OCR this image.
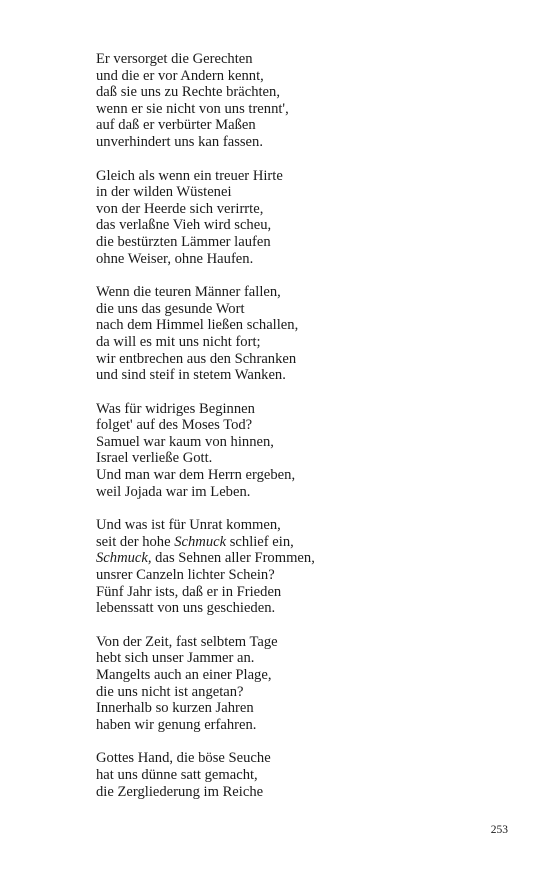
Er versorget die Gerechten
und die er vor Andern kennt,
daß sie uns zu Rechte brächten,
wenn er sie nicht von uns trennt',
auf daß er verbürter Maßen
unverhindert uns kan fassen.
Gleich als wenn ein treuer Hirte
in der wilden Wüstenei
von der Heerde sich verirrte,
das verlaßne Vieh wird scheu,
die bestürzten Lämmer laufen
ohne Weiser, ohne Haufen.
Wenn die teuren Männer fallen,
die uns das gesunde Wort
nach dem Himmel ließen schallen,
da will es mit uns nicht fort;
wir entbrechen aus den Schranken
und sind steif in stetem Wanken.
Was für widriges Beginnen
folget' auf des Moses Tod?
Samuel war kaum von hinnen,
Israel verließe Gott.
Und man war dem Herrn ergeben,
weil Jojada war im Leben.
Und was ist für Unrat kommen,
seit der hohe Schmuck schlief ein,
Schmuck, das Sehnen aller Frommen,
unsrer Canzeln lichter Schein?
Fünf Jahr ists, daß er in Frieden
lebenssatt von uns geschieden.
Von der Zeit, fast selbtem Tage
hebt sich unser Jammer an.
Mangelts auch an einer Plage,
die uns nicht ist angetan?
Innerhalb so kurzen Jahren
haben wir genung erfahren.
Gottes Hand, die böse Seuche
hat uns dünne satt gemacht,
die Zergliederung im Reiche
253
